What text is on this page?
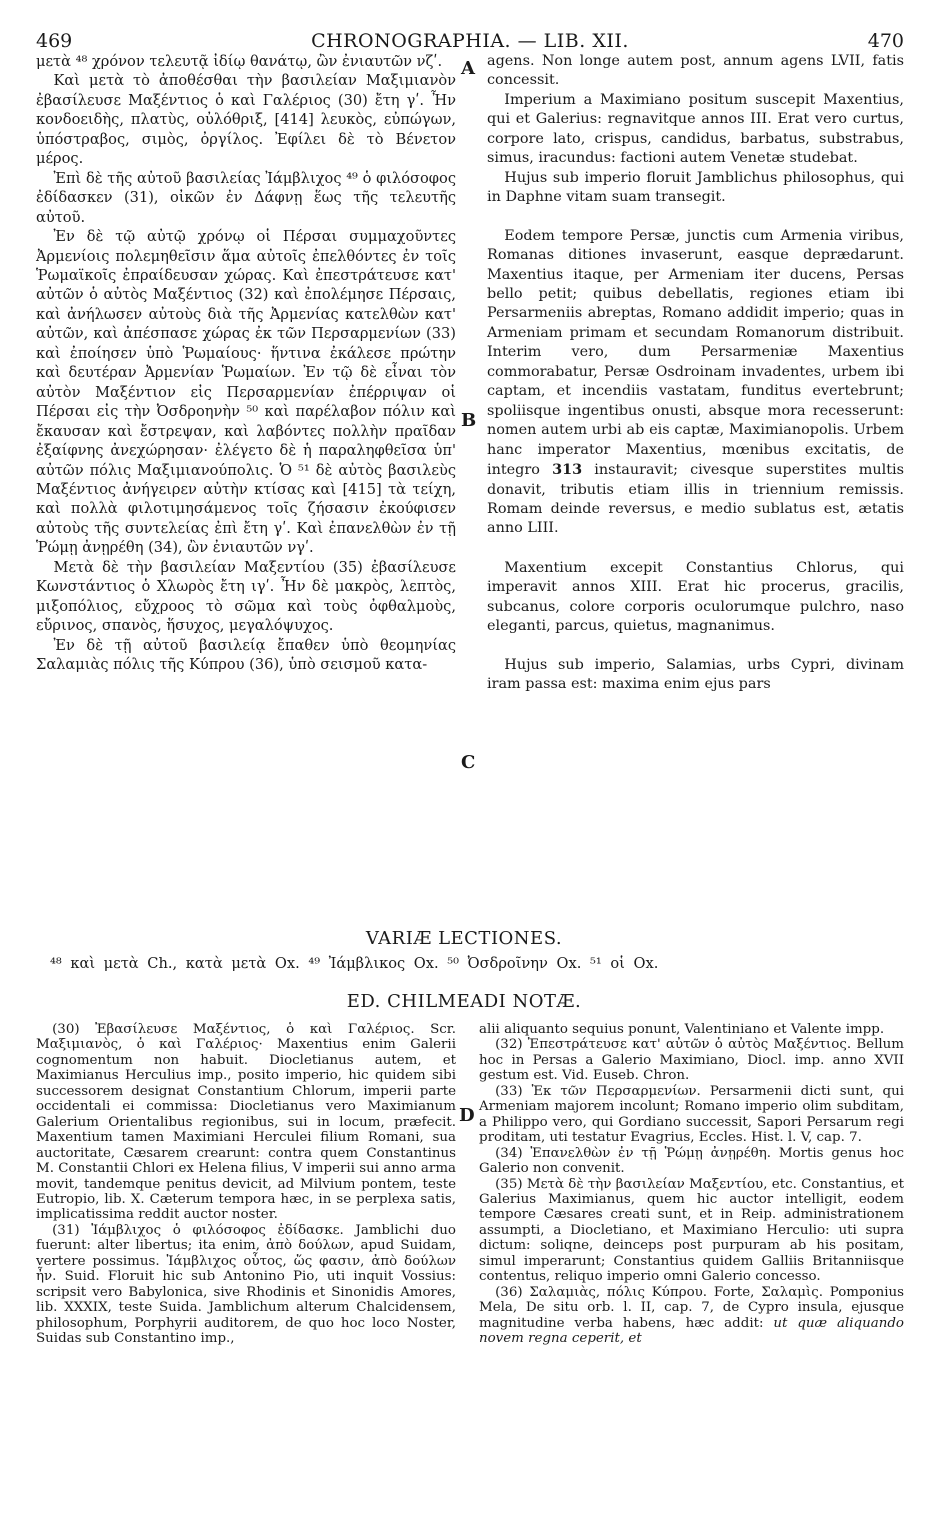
469	CHRONOGRAPHIA. — LIB. XII.	470

μετὰ ⁴⁸ χρόνον τελευτᾷ ἰδίῳ θανάτῳ, ὢν ἐνιαυτῶν νζʹ.

Καὶ μετὰ τὸ ἀποθέσθαι τὴν βασιλείαν Μαξιμιανὸν ἐβασίλευσε Μαξέντιος ὁ καὶ Γαλέριος (30) ἔτη γʹ. Ἦν κονδοειδὴς, πλατὺς, οὐλόθριξ, [414] λευκὸς, εὐπώγων, ὑπόστραβος, σιμὸς, ὀργίλος. Ἐφίλει δὲ τὸ Βένετον μέρος.

Ἐπὶ δὲ τῆς αὐτοῦ βασιλείας Ἰάμβλιχος ⁴⁹ ὁ φιλόσοφος ἐδίδασκεν (31), οἰκῶν ἐν Δάφνῃ ἕως τῆς τελευτῆς αὐτοῦ.

Ἐν δὲ τῷ αὐτῷ χρόνῳ οἱ Πέρσαι συμμαχοῦντες Ἀρμενίοις πολεμηθεῖσιν ἅμα αὐτοῖς ἐπελθόντες ἐν τοῖς Ῥωμαϊκοῖς ἐπραίδευσαν χώρας. Καὶ ἐπεστράτευσε κατ' αὐτῶν ὁ αὐτὸς Μαξέντιος (32) καὶ ἐπολέμησε Πέρσαις, καὶ ἀνήλωσεν αὐτοὺς διὰ τῆς Ἀρμενίας κατελθὼν κατ' αὐτῶν, καὶ ἀπέσπασε χώρας ἐκ τῶν Περσαρμενίων (33) καὶ ἐποίησεν ὑπὸ Ῥωμαίους· ἥντινα ἐκάλεσε πρώτην καὶ δευτέραν Ἀρμενίαν Ῥωμαίων. Ἐν τῷ δὲ εἶναι τὸν αὐτὸν Μαξέντιον εἰς Περσαρμενίαν ἐπέρριψαν οἱ Πέρσαι εἰς τὴν Ὀσδροηνὴν ⁵⁰ καὶ παρέλαβον πόλιν καὶ ἔκαυσαν καὶ ἔστρεψαν, καὶ λαβόντες πολλὴν πραῖδαν ἐξαίφνης ἀνεχώρησαν· ἐλέγετο δὲ ἡ παραληφθεῖσα ὑπ' αὐτῶν πόλις Μαξιμιανούπολις. Ὁ ⁵¹ δὲ αὐτὸς βασιλεὺς Μαξέντιος ἀνήγειρεν αὐτὴν κτίσας καὶ [415] τὰ τείχη, καὶ πολλὰ φιλοτιμησάμενος τοῖς ζήσασιν ἐκούφισεν αὐτοὺς τῆς συντελείας ἐπὶ ἔτη γʹ. Καὶ ἐπανελθὼν ἐν τῇ Ῥώμῃ ἀνῃρέθη (34), ὢν ἐνιαυτῶν νγʹ.

Μετὰ δὲ τὴν βασιλείαν Μαξεντίου (35) ἐβασίλευσε Κωνστάντιος ὁ Χλωρὸς ἔτη ιγʹ. Ἦν δὲ μακρὸς, λεπτὸς, μιξοπόλιος, εὔχροος τὸ σῶμα καὶ τοὺς ὀφθαλμοὺς, εὔρινος, σπανὸς, ἥσυχος, μεγαλόψυχος.

Ἐν δὲ τῇ αὐτοῦ βασιλείᾳ ἔπαθεν ὑπὸ θεομηνίας Σαλαμιὰς πόλις τῆς Κύπρου (36), ὑπὸ σεισμοῦ κατα-

A
B
C

agens. Non longe autem post, annum agens LVII, fatis concessit.

Imperium a Maximiano positum suscepit Maxentius, qui et Galerius: regnavitque annos III. Erat vero curtus, corpore lato, crispus, candidus, barbatus, substrabus, simus, iracundus: factioni autem Venetæ studebat.

Hujus sub imperio floruit Jamblichus philosophus, qui in Daphne vitam suam transegit.

Eodem tempore Persæ, junctis cum Armenia viribus, Romanas ditiones invaserunt, easque deprædarunt. Maxentius itaque, per Armeniam iter ducens, Persas bello petit; quibus debellatis, regiones etiam ibi Persarmeniis abreptas, Romano addidit imperio; quas in Armeniam primam et secundam Romanorum distribuit. Interim vero, dum Persarmeniæ Maxentius commorabatur, Persæ Osdroinam invadentes, urbem ibi captam, et incendiis vastatam, funditus evertebrunt; spoliisque ingentibus onusti, absque mora recesserunt: nomen autem urbi ab eis captæ, Maximianopolis. Urbem hanc imperator Maxentius, mœnibus excitatis, de integro 313 instauravit; civesque superstites multis donavit, tributis etiam illis in triennium remissis. Romam deinde reversus, e medio sublatus est, ætatis anno LIII.

Maxentium excepit Constantius Chlorus, qui imperavit annos XIII. Erat hic procerus, gracilis, subcanus, colore corporis oculorumque pulchro, naso eleganti, parcus, quietus, magnanimus.

Hujus sub imperio, Salamias, urbs Cypri, divinam iram passa est: maxima enim ejus pars

VARIÆ LECTIONES.
⁴⁸ καὶ μετὰ Ch., κατὰ μετὰ Ox. ⁴⁹ Ἰάμβλικος Ox. ⁵⁰ Ὀσδροῖνην Ox. ⁵¹ οἱ Ox.
ED. CHILMEADI NOTÆ.

(30) Ἐβασίλευσε Μαξέντιος, ὁ καὶ Γαλέριος. Scr. Μαξιμιανὸς, ὁ καὶ Γαλέριος· Maxentius enim Galerii cognomentum non habuit. Diocletianus autem, et Maximianus Herculius imp., posito imperio, hic quidem sibi successorem designat Constantium Chlorum, imperii parte occidentali ei commissa: Diocletianus vero Maximianum Galerium Orientalibus regionibus, sui in locum, præfecit. Maxentium tamen Maximiani Herculei filium Romani, sua auctoritate, Cæsarem crearunt: contra quem Constantinus M. Constantii Chlori ex Helena filius, V imperii sui anno arma movit, tandemque penitus devicit, ad Milvium pontem, teste Eutropio, lib. X. Cæterum tempora hæc, in se perplexa satis, implicatissima reddit auctor noster.

(31) Ἰάμβλιχος ὁ φιλόσοφος ἐδίδασκε. Jamblichi duo fuerunt: alter libertus; ita enim, ἀπὸ δούλων, apud Suidam, vertere possimus. Ἰάμβλιχος οὗτος, ὥς φασιν, ἀπὸ δούλων ἦν. Suid. Floruit hic sub Antonino Pio, uti inquit Vossius: scripsit vero Babylonica, sive Rhodinis et Sinonidis Amores, lib. XXXIX, teste Suida. Jamblichum alterum Chalcidensem, philosophum, Porphyrii auditorem, de quo hoc loco Noster, Suidas sub Constantino imp.,

D

alii aliquanto sequius ponunt, Valentiniano et Valente impp.

(32) Ἐπεστράτευσε κατ' αὐτῶν ὁ αὐτὸς Μαξέντιος. Bellum hoc in Persas a Galerio Maximiano, Diocl. imp. anno XVII gestum est. Vid. Euseb. Chron.

(33) Ἐκ τῶν Περσαρμενίων. Persarmenii dicti sunt, qui Armeniam majorem incolunt; Romano imperio olim subditam, a Philippo vero, qui Gordiano successit, Sapori Persarum regi proditam, uti testatur Evagrius, Eccles. Hist. l. V, cap. 7.

(34) Ἐπανελθὼν ἐν τῇ Ῥώμῃ ἀνῃρέθη. Mortis genus hoc Galerio non convenit.

(35) Μετὰ δὲ τὴν βασιλείαν Μαξεντίου, etc. Constantius, et Galerius Maximianus, quem hic auctor intelligit, eodem tempore Cæsares creati sunt, et in Reip. administrationem assumpti, a Diocletiano, et Maximiano Herculio: uti supra dictum: soliqne, deinceps post purpuram ab his positam, simul imperarunt; Constantius quidem Galliis Britanniisque contentus, reliquo imperio omni Galerio concesso.

(36) Σαλαμιὰς, πόλις Κύπρου. Forte, Σαλαμὶς. Pomponius Mela, De situ orb. l. II, cap. 7, de Cypro insula, ejusque magnitudine verba habens, hæc addit: ut quæ aliquando novem regna ceperit, et
